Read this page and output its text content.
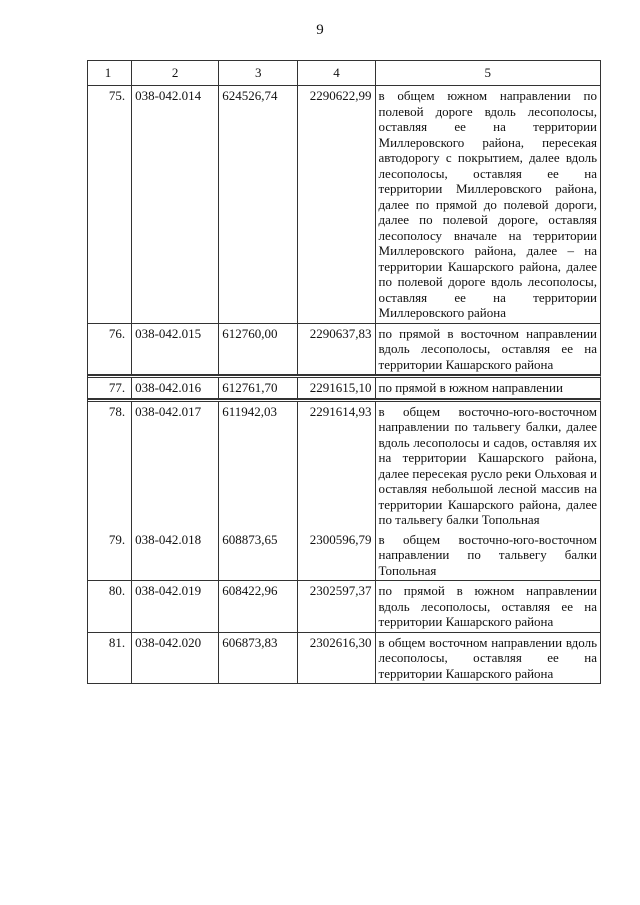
9
1	2	3	4	5
75.	038-042.014	624526,74	2290622,99	в общем южном направлении по полевой дороге вдоль лесополосы, оставляя ее на территории Миллеровского района, пересекая автодорогу с покрытием, далее вдоль лесополосы, оставляя ее на территории Миллеровского района, далее по прямой до полевой дороги, далее по полевой дороге, оставляя лесополосу вначале на территории Миллеровского района, далее – на территории Кашарского района, далее по полевой дороге вдоль лесополосы, оставляя ее на территории Миллеровского района
76.	038-042.015	612760,00	2290637,83	по прямой в восточном направлении вдоль лесополосы, оставляя ее на территории Кашарского района

77.	038-042.016	612761,70	2291615,10	по прямой в южном направлении

78.	038-042.017	611942,03	2291614,93	в общем восточно-юго-восточном направлении по тальвегу балки, далее вдоль лесополосы и садов, оставляя их на территории Кашарского района, далее пересекая русло реки Ольховая и оставляя небольшой лесной массив на территории Кашарского района, далее по тальвегу балки Топольная
79.	038-042.018	608873,65	2300596,79	в общем восточно-юго-восточном направлении по тальвегу балки Топольная
80.	038-042.019	608422,96	2302597,37	по прямой в южном направлении вдоль лесополосы, оставляя ее на территории Кашарского района
81.	038-042.020	606873,83	2302616,30	в общем восточном направлении вдоль лесополосы, оставляя ее на территории Кашарского района
